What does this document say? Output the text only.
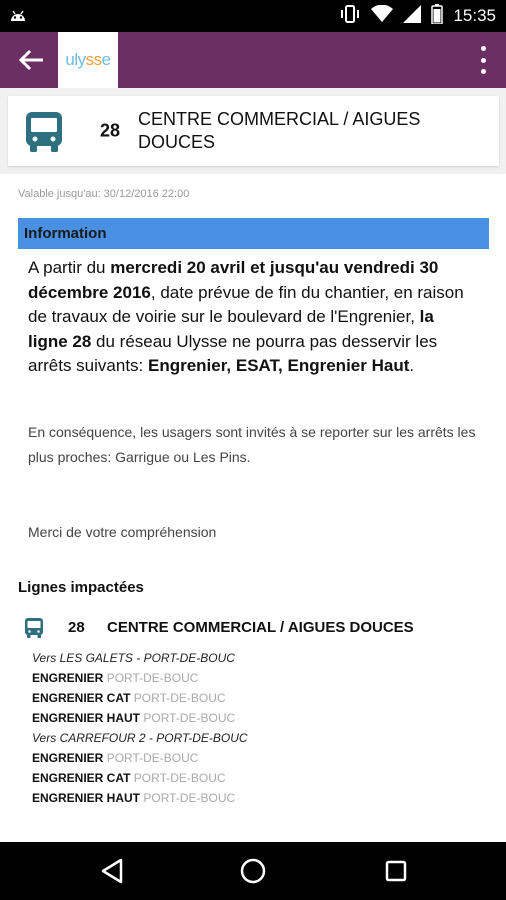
15:35
ulysse
28
CENTRE COMMERCIAL / AIGUES DOUCES
Valable jusqu'au: 30/12/2016 22:00
Information

A partir du mercredi 20 avril et jusqu'au vendredi 30 décembre 2016, date prévue de fin du chantier, en raison de travaux de voirie sur le boulevard de l'Engrenier, la ligne 28 du réseau Ulysse ne pourra pas desservir les arrêts suivants: Engrenier, ESAT, Engrenier Haut.

En conséquence, les usagers sont invités à se reporter sur les arrêts les plus proches: Garrigue ou Les Pins.

Merci de votre compréhension

Lignes impactées
28 CENTRE COMMERCIAL / AIGUES DOUCES
Vers LES GALETS - PORT-DE-BOUC
ENGRENIER PORT-DE-BOUC
ENGRENIER CAT PORT-DE-BOUC
ENGRENIER HAUT PORT-DE-BOUC
Vers CARREFOUR 2 - PORT-DE-BOUC
ENGRENIER PORT-DE-BOUC
ENGRENIER CAT PORT-DE-BOUC
ENGRENIER HAUT PORT-DE-BOUC
